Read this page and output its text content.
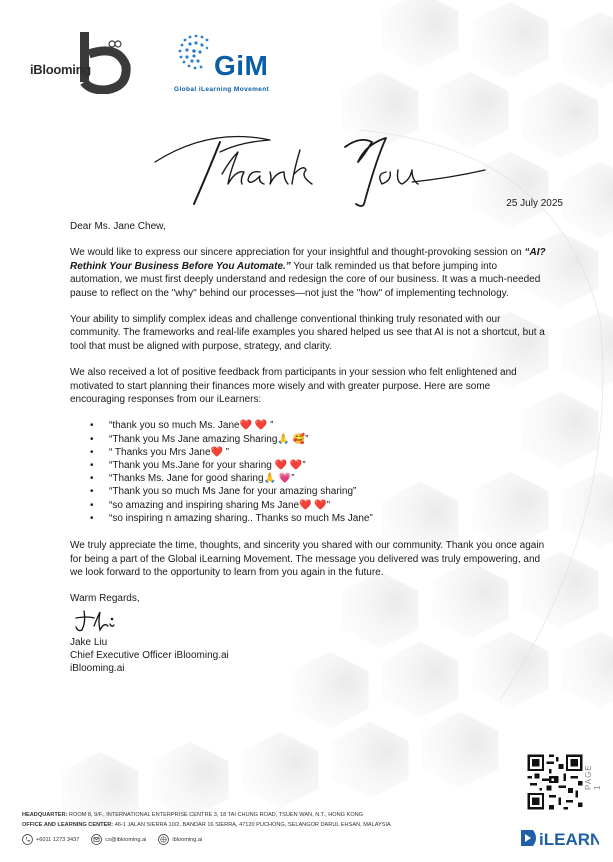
iBlooming	GiM
Global iLearning Movement
25 July 2025

Dear Ms. Jane Chew,

We would like to express our sincere appreciation for your insightful and thought-provoking session on “AI? Rethink Your Business Before You Automate.” Your talk reminded us that before jumping into automation, we must first deeply understand and redesign the core of our business. It was a much-needed pause to reflect on the "why" behind our processes—not just the "how" of implementing technology.

Your ability to simplify complex ideas and challenge conventional thinking truly resonated with our community. The frameworks and real-life examples you shared helped us see that AI is not a shortcut, but a tool that must be aligned with purpose, strategy, and clarity.

We also received a lot of positive feedback from participants in your session who felt enlightened and motivated to start planning their finances more wisely and with greater purpose. Here are some encouraging responses from our iLearners:

• “thank you so much Ms. Jane❤️ ❤️ ”
• “Thank you Ms Jane amazing Sharing🙏 🥰”
• “ Thanks you Mrs Jane❤️ ”
• “Thank you Ms.Jane for your sharing ❤️ ❤️”
• “Thanks Ms. Jane for good sharing🙏 💗”
• “Thank you so much Ms Jane for your amazing sharing”
• “so amazing and inspiring sharing Ms Jane❤️ ❤️”
• “so inspiring n amazing sharing.. Thanks so much Ms Jane”

We truly appreciate the time, thoughts, and sincerity you shared with our community. Thank you once again for being a part of the Global iLearning Movement. The message you delivered was truly empowering, and we look forward to the opportunity to learn from you again in the future.

Warm Regards,
Jake Liu
Chief Executive Officer iBlooming.ai
iBlooming.ai
PAGE 1
HEADQUARTER: ROOM 8, 9/F., INTERNATIONAL ENTERPRISE CENTRE 3, 18 TAI CHUNG ROAD, TSUEN WAN, N.T., HONG KONG
OFFICE AND LEARNING CENTER: 46-1 JALAN SIERRA 10/2, BANDAR 16 SIERRA, 47120 PUCHONG, SELANGOR DARUL EHSAN, MALAYSIA
+6011 1273 3437	cs@iblooming.ai	iblooming.ai	iLEARN
